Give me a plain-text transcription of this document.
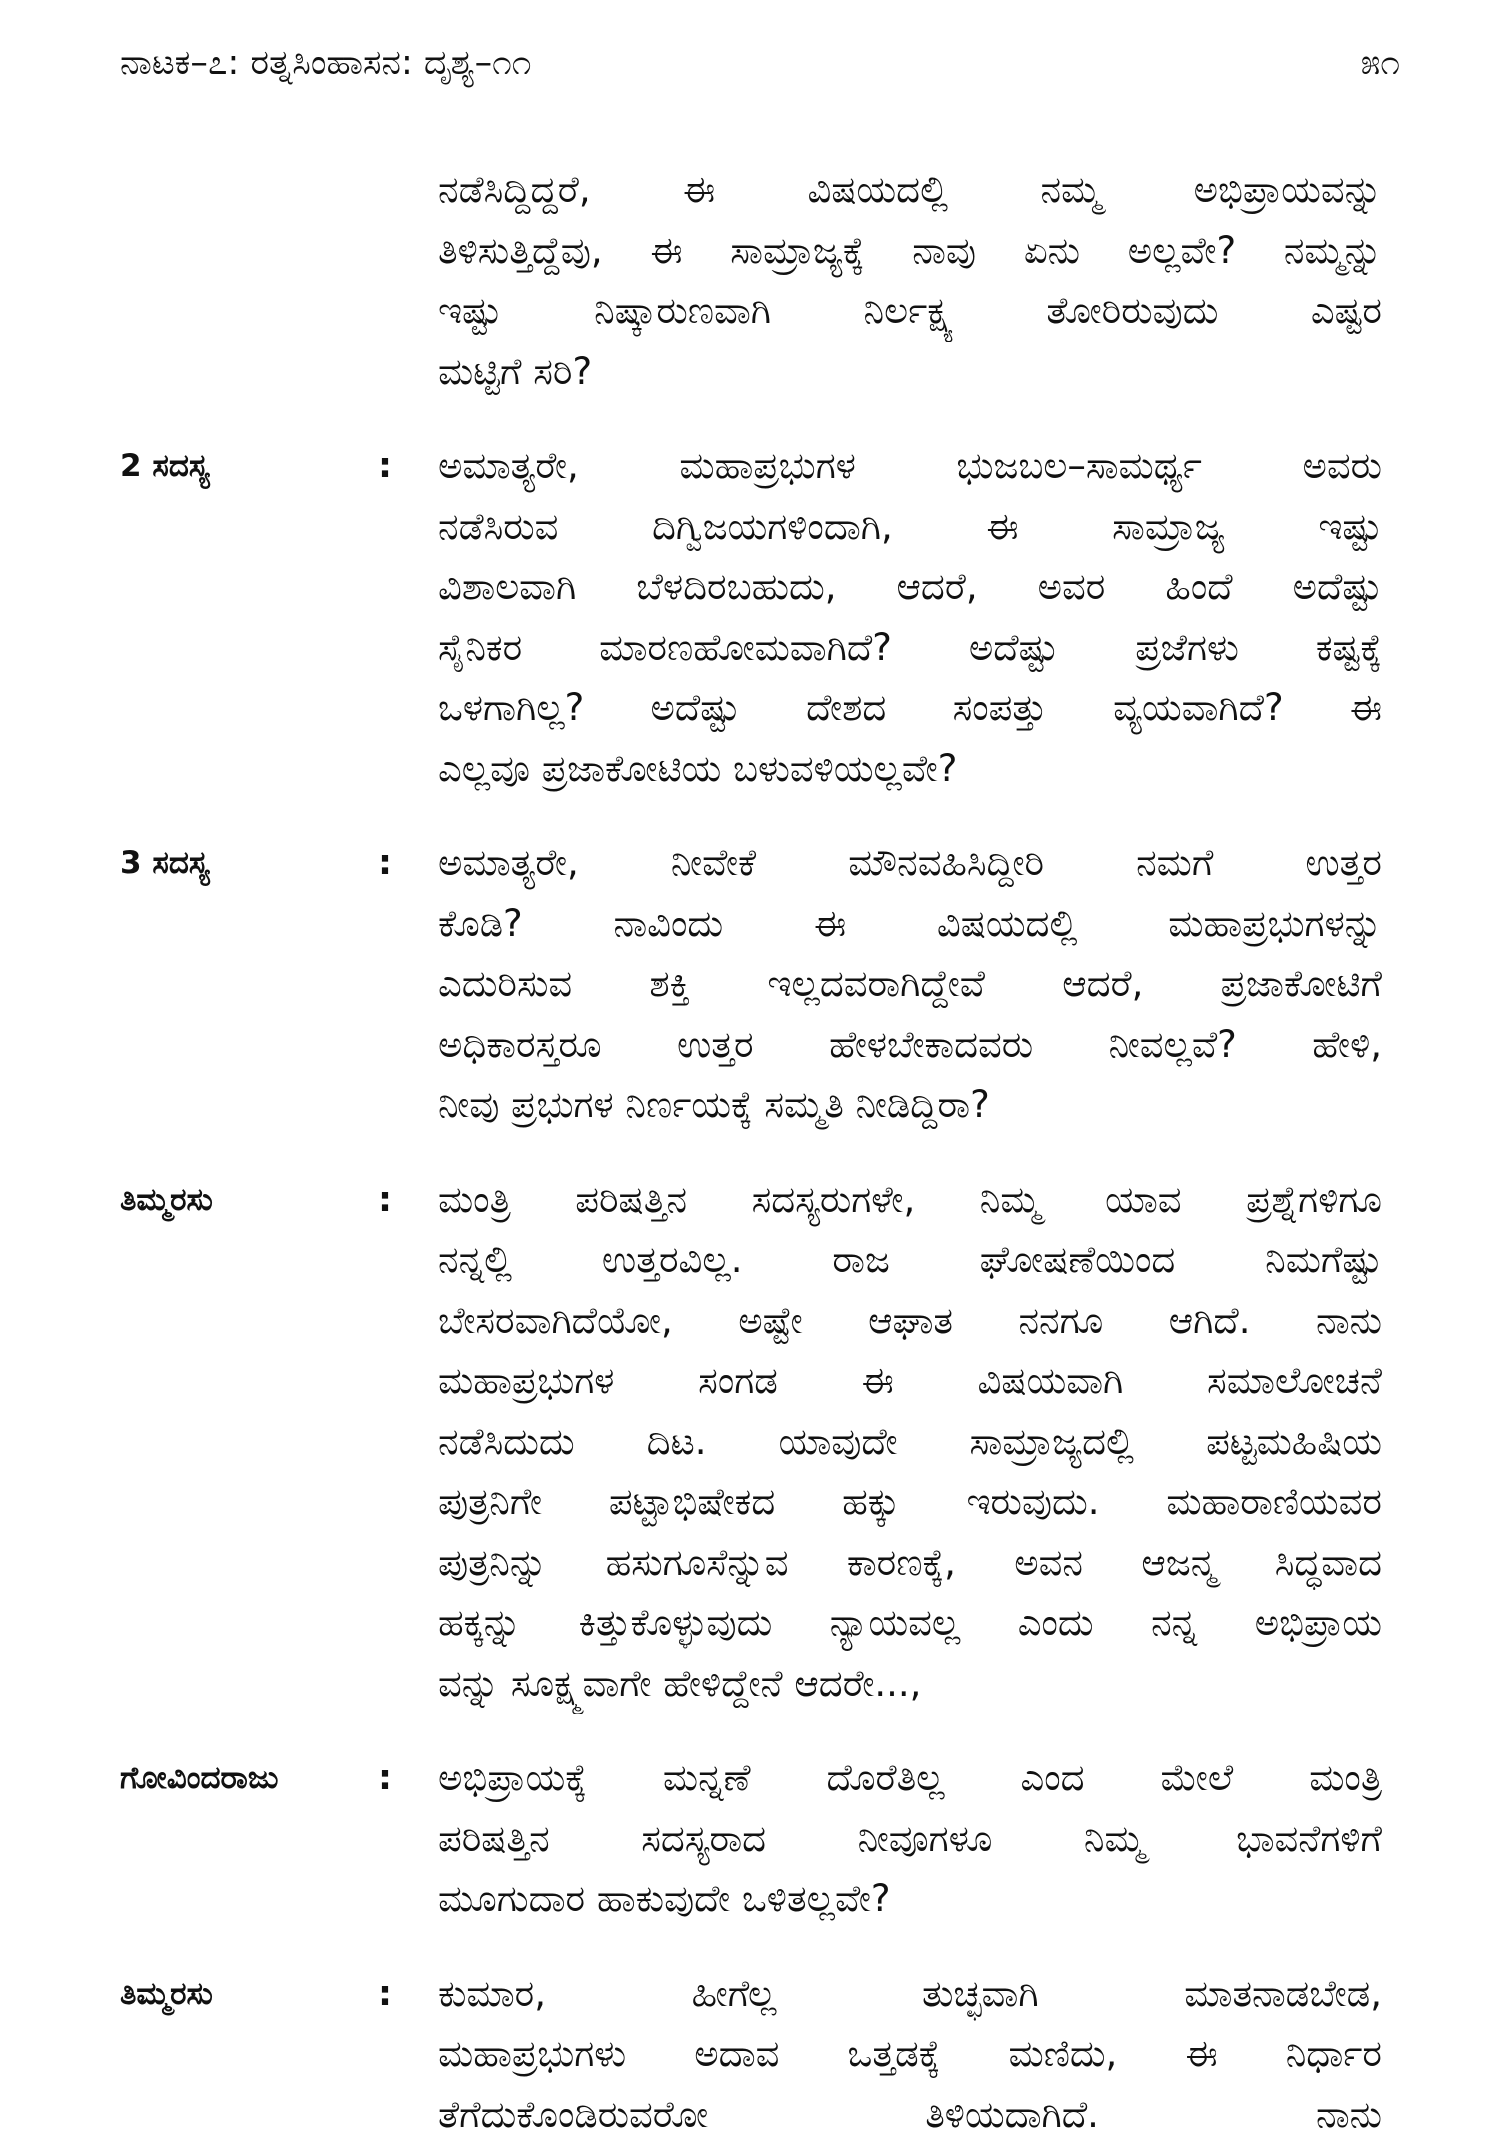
ನಾಟಕ–೭: ರತ್ನಸಿಂಹಾಸನ: ದೃಶ್ಯ–೧೧	೫೧
ನಡೆಸಿದ್ದಿದ್ದರೆ, ಈ ವಿಷಯದಲ್ಲಿ ನಮ್ಮ ಅಭಿಪ್ರಾಯವನ್ನು
ತಿಳಿಸುತ್ತಿದ್ದೆವು, ಈ ಸಾಮ್ರಾಜ್ಯಕ್ಕೆ ನಾವು ಏನು ಅಲ್ಲವೇ? ನಮ್ಮನ್ನು
ಇಷ್ಟು ನಿಷ್ಕಾರುಣವಾಗಿ ನಿರ್ಲಕ್ಷ್ಯ ತೋರಿರುವುದು ಎಷ್ಟರ
ಮಟ್ಟಿಗೆ ಸರಿ?
2 ಸದಸ್ಯ	: ಅಮಾತ್ಯರೇ, ಮಹಾಪ್ರಭುಗಳ ಭುಜಬಲ–ಸಾಮರ್ಥ್ಯ ಅವರು
ನಡೆಸಿರುವ ದಿಗ್ವಿಜಯಗಳಿಂದಾಗಿ, ಈ ಸಾಮ್ರಾಜ್ಯ ಇಷ್ಟು
ವಿಶಾಲವಾಗಿ ಬೆಳದಿರಬಹುದು, ಆದರೆ, ಅವರ ಹಿಂದೆ ಅದೆಷ್ಟು
ಸೈನಿಕರ ಮಾರಣಹೋಮವಾಗಿದೆ? ಅದೆಷ್ಟು ಪ್ರಜೆಗಳು ಕಷ್ಟಕ್ಕೆ
ಒಳಗಾಗಿಲ್ಲ? ಅದೆಷ್ಟು ದೇಶದ ಸಂಪತ್ತು ವ್ಯಯವಾಗಿದೆ? ಈ
ಎಲ್ಲವೂ ಪ್ರಜಾಕೋಟಿಯ ಬಳುವಳಿಯಲ್ಲವೇ?
3 ಸದಸ್ಯ	: ಅಮಾತ್ಯರೇ, ನೀವೇಕೆ ಮೌನವಹಿಸಿದ್ದೀರಿ ನಮಗೆ ಉತ್ತರ
ಕೊಡಿ? ನಾವಿಂದು ಈ ವಿಷಯದಲ್ಲಿ ಮಹಾಪ್ರಭುಗಳನ್ನು
ಎದುರಿಸುವ ಶಕ್ತಿ ಇಲ್ಲದವರಾಗಿದ್ದೇವೆ ಆದರೆ, ಪ್ರಜಾಕೋಟಿಗೆ
ಅಧಿಕಾರಸ್ತರೂ ಉತ್ತರ ಹೇಳಬೇಕಾದವರು ನೀವಲ್ಲವೆ? ಹೇಳಿ,
ನೀವು ಪ್ರಭುಗಳ ನಿರ್ಣಯಕ್ಕೆ ಸಮ್ಮತಿ ನೀಡಿದ್ದಿರಾ?
ತಿಮ್ಮರಸು	: ಮಂತ್ರಿ ಪರಿಷತ್ತಿನ ಸದಸ್ಯರುಗಳೇ, ನಿಮ್ಮ ಯಾವ ಪ್ರಶ್ನೆಗಳಿಗೂ
ನನ್ನಲ್ಲಿ ಉತ್ತರವಿಲ್ಲ. ರಾಜ ಘೋಷಣೆಯಿಂದ ನಿಮಗೆಷ್ಟು
ಬೇಸರವಾಗಿದೆಯೋ, ಅಷ್ಟೇ ಆಘಾತ ನನಗೂ ಆಗಿದೆ. ನಾನು
ಮಹಾಪ್ರಭುಗಳ ಸಂಗಡ ಈ ವಿಷಯವಾಗಿ ಸಮಾಲೋಚನೆ
ನಡೆಸಿದುದು ದಿಟ. ಯಾವುದೇ ಸಾಮ್ರಾಜ್ಯದಲ್ಲಿ ಪಟ್ಟಮಹಿಷಿಯ
ಪುತ್ರನಿಗೇ ಪಟ್ಟಾಭಿಷೇಕದ ಹಕ್ಕು ಇರುವುದು. ಮಹಾರಾಣಿಯವರ
ಪುತ್ರನಿನ್ನು ಹಸುಗೂಸೆನ್ನುವ ಕಾರಣಕ್ಕೆ, ಅವನ ಆಜನ್ಮ ಸಿದ್ಧವಾದ
ಹಕ್ಕನ್ನು ಕಿತ್ತುಕೊಳ್ಳುವುದು ನ್ಯಾಯವಲ್ಲ ಎಂದು ನನ್ನ ಅಭಿಪ್ರಾಯ
ವನ್ನು ಸೂಕ್ಷ್ಮವಾಗೇ ಹೇಳಿದ್ದೇನೆ ಆದರೇ...,
ಗೋವಿಂದರಾಜು	: ಅಭಿಪ್ರಾಯಕ್ಕೆ ಮನ್ನಣೆ ದೊರೆತಿಲ್ಲ ಎಂದ ಮೇಲೆ ಮಂತ್ರಿ
ಪರಿಷತ್ತಿನ ಸದಸ್ಯರಾದ ನೀವೂಗಳೂ ನಿಮ್ಮ ಭಾವನೆಗಳಿಗೆ
ಮೂಗುದಾರ ಹಾಕುವುದೇ ಒಳಿತಲ್ಲವೇ?
ತಿಮ್ಮರಸು	: ಕುಮಾರ, ಹೀಗೆಲ್ಲ ತುಚ್ಛವಾಗಿ ಮಾತನಾಡಬೇಡ,
ಮಹಾಪ್ರಭುಗಳು ಅದಾವ ಒತ್ತಡಕ್ಕೆ ಮಣಿದು, ಈ ನಿರ್ಧಾರ
ತೆಗೆದುಕೊಂಡಿರುವರೋ ತಿಳಿಯದಾಗಿದೆ. ನಾನು
